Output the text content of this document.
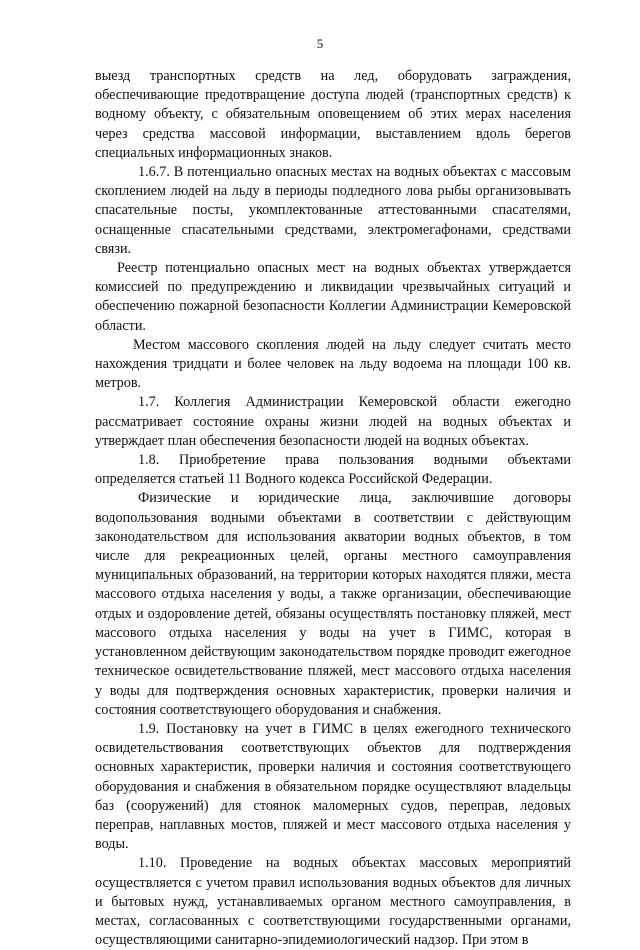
5

выезд транспортных средств на лед, оборудовать заграждения, обеспечивающие предотвращение доступа людей (транспортных средств) к водному объекту, с обязательным оповещением об этих мерах населения через средства массовой информации, выставлением вдоль берегов специальных информационных знаков.

1.6.7. В потенциально опасных местах на водных объектах с массовым скоплением людей на льду в периоды подледного лова рыбы организовывать спасательные посты, укомплектованные аттестованными спасателями, оснащенные спасательными средствами, электромегафонами, средствами связи.

Реестр потенциально опасных мест на водных объектах утверждается комиссией по предупреждению и ликвидации чрезвычайных ситуаций и обеспечению пожарной безопасности Коллегии Администрации Кемеровской области.

Местом массового скопления людей на льду следует считать место нахождения тридцати и более человек на льду водоема на площади 100 кв. метров.

1.7. Коллегия Администрации Кемеровской области ежегодно рассматривает состояние охраны жизни людей на водных объектах и утверждает план обеспечения безопасности людей на водных объектах.

1.8. Приобретение права пользования водными объектами определяется статьей 11 Водного кодекса Российской Федерации.

Физические и юридические лица, заключившие договоры водопользования водными объектами в соответствии с действующим законодательством для использования акватории водных объектов, в том числе для рекреационных целей, органы местного самоуправления муниципальных образований, на территории которых находятся пляжи, места массового отдыха населения у воды, а также организации, обеспечивающие отдых и оздоровление детей, обязаны осуществлять постановку пляжей, мест массового отдыха населения у воды на учет в ГИМС, которая в установленном действующим законодательством порядке проводит ежегодное техническое освидетельствование пляжей, мест массового отдыха населения у воды для подтверждения основных характеристик, проверки наличия и состояния соответствующего оборудования и снабжения.

1.9. Постановку на учет в ГИМС в целях ежегодного технического освидетельствования соответствующих объектов для подтверждения основных характеристик, проверки наличия и состояния соответствующего оборудования и снабжения в обязательном порядке осуществляют владельцы баз (сооружений) для стоянок маломерных судов, переправ, ледовых переправ, наплавных мостов, пляжей и мест массового отдыха населения у воды.

1.10. Проведение на водных объектах массовых мероприятий осуществляется с учетом правил использования водных объектов для личных и бытовых нужд, устанавливаемых органом местного самоуправления, в местах, согласованных с соответствующими государственными органами, осуществляющими санитарно-эпидемиологический надзор. При этом в
